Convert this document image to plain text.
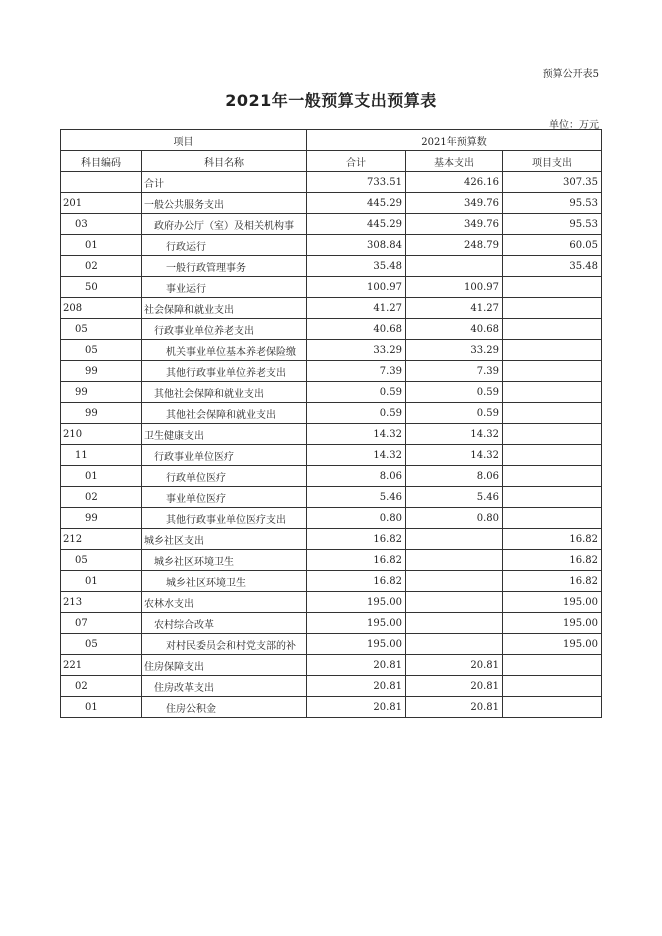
预算公开表5
2021年一般预算支出预算表
单位：万元
项目		2021年预算数		
科目编码	科目名称	合计	基本支出	项目支出
	合计	733.51	426.16	307.35
201	一般公共服务支出	445.29	349.76	95.53
03	政府办公厅（室）及相关机构事	445.29	349.76	95.53
01	行政运行	308.84	248.79	60.05
02	一般行政管理事务	35.48		35.48
50	事业运行	100.97	100.97	
208	社会保障和就业支出	41.27	41.27	
05	行政事业单位养老支出	40.68	40.68	
05	机关事业单位基本养老保险缴	33.29	33.29	
99	其他行政事业单位养老支出	7.39	7.39	
99	其他社会保障和就业支出	0.59	0.59	
99	其他社会保障和就业支出	0.59	0.59	
210	卫生健康支出	14.32	14.32	
11	行政事业单位医疗	14.32	14.32	
01	行政单位医疗	8.06	8.06	
02	事业单位医疗	5.46	5.46	
99	其他行政事业单位医疗支出	0.80	0.80	
212	城乡社区支出	16.82		16.82
05	城乡社区环境卫生	16.82		16.82
01	城乡社区环境卫生	16.82		16.82
213	农林水支出	195.00		195.00
07	农村综合改革	195.00		195.00
05	对村民委员会和村党支部的补	195.00		195.00
221	住房保障支出	20.81	20.81	
02	住房改革支出	20.81	20.81	
01	住房公积金	20.81	20.81	
